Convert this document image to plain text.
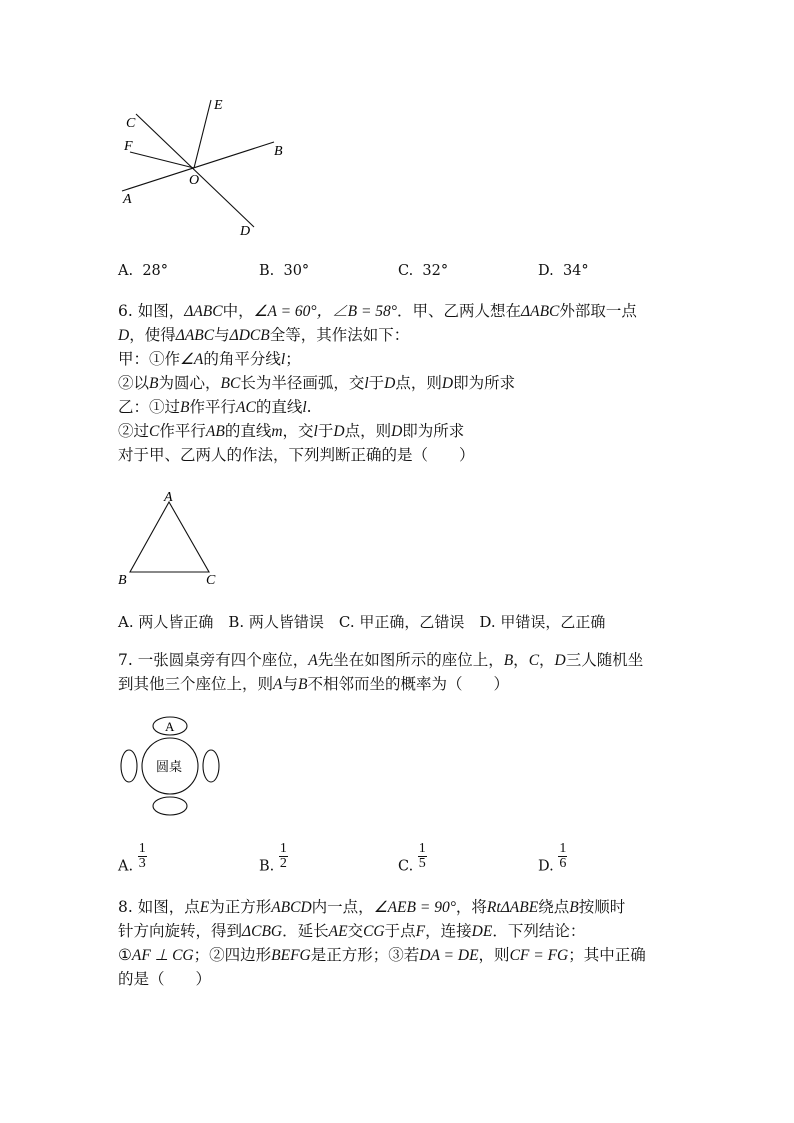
C
E
F
O
B
A
D
A. 28°	B. 30°	C. 32°	D. 34°
6. 如图，ΔABC中，∠A = 60°，∠B = 58°．甲、乙两人想在ΔABC外部取一点
D，使得ΔABC与ΔDCB全等，其作法如下：
甲：①作∠A的角平分线l；
②以B为圆心，BC长为半径画弧，交l于D点，则D即为所求
乙：①过B作平行AC的直线l.
②过C作平行AB的直线m，交l于D点，则D即为所求
对于甲、乙两人的作法，下列判断正确的是（　　）
A
B	C
A. 两人皆正确　B. 两人皆错误　C. 甲正确，乙错误　D. 甲错误，乙正确
7. 一张圆桌旁有四个座位，A先坐在如图所示的座位上，B，C，D三人随机坐
到其他三个座位上，则A与B不相邻而坐的概率为（　　）
A
圆桌
A. $\frac{1}{3}$	B. $\frac{1}{2}$	C. $\frac{1}{5}$	D. $\frac{1}{6}$
8. 如图，点E为正方形ABCD内一点，∠AEB = 90°，将RtΔABE绕点B按顺时
针方向旋转，得到ΔCBG．延长AE交CG于点F，连接DE．下列结论：
①AF ⊥ CG；②四边形BEFG是正方形；③若DA = DE，则CF = FG；其中正确
的是（　　）
